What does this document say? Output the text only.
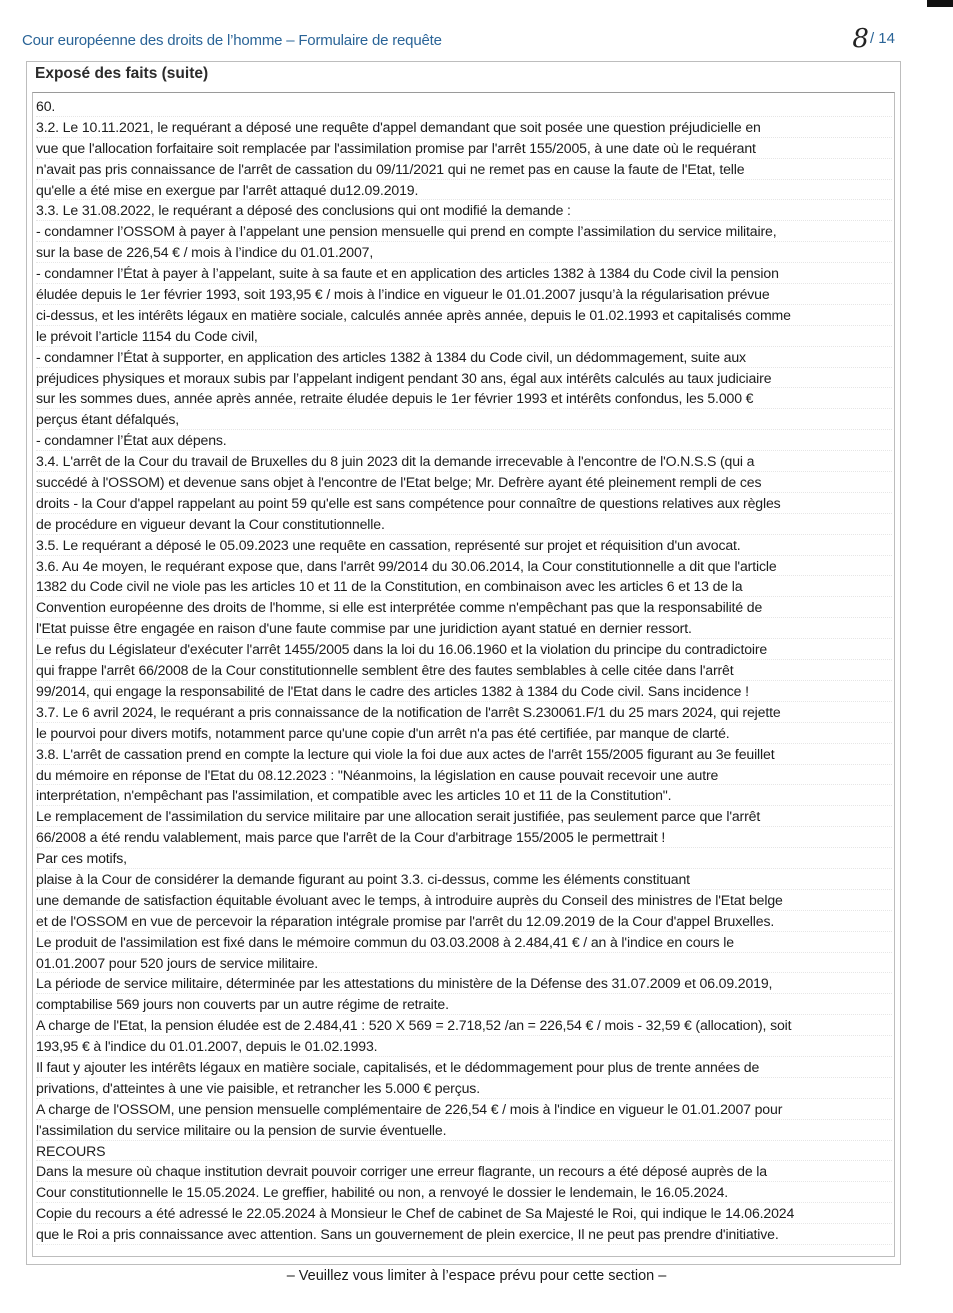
Cour européenne des droits de l’homme – Formulaire de requête	8 / 14
Exposé des faits (suite)
60.
3.2. Le 10.11.2021, le requérant a déposé une requête d'appel demandant que soit posée une question préjudicielle en
vue que l'allocation forfaitaire soit remplacée par l'assimilation promise par l'arrêt 155/2005, à une date où le requérant
n'avait pas pris connaissance de l'arrêt de cassation du 09/11/2021 qui ne remet pas en cause la faute de l'Etat, telle
qu'elle a été mise en exergue par l'arrêt attaqué du12.09.2019.
3.3. Le 31.08.2022, le requérant a déposé des conclusions qui ont modifié la demande :
- condamner l’OSSOM à payer à l’appelant une pension mensuelle qui prend en compte l’assimilation du service militaire,
sur la base de 226,54 € / mois à l’indice du 01.01.2007,
- condamner l’État à payer à l’appelant, suite à sa faute et en application des articles 1382 à 1384 du Code civil la pension
éludée depuis le 1er février 1993, soit 193,95 € / mois à l’indice en vigueur le 01.01.2007 jusqu’à la régularisation prévue
ci-dessus, et les intérêts légaux en matière sociale, calculés année après année, depuis le 01.02.1993 et capitalisés comme
le prévoit l’article 1154 du Code civil,
- condamner l’État à supporter, en application des articles 1382 à 1384 du Code civil, un dédommagement, suite aux
préjudices physiques et moraux subis par l’appelant indigent pendant 30 ans, égal aux intérêts calculés au taux judiciaire
sur les sommes dues, année après année, retraite éludée depuis le 1er février 1993 et intérêts confondus, les 5.000 €
perçus étant défalqués,
- condamner l’État aux dépens.
3.4. L'arrêt de la Cour du travail de Bruxelles du 8 juin 2023 dit la demande irrecevable à l'encontre de l'O.N.S.S (qui a
succédé à l'OSSOM) et devenue sans objet à l'encontre de l'Etat belge; Mr. Defrère ayant été pleinement rempli de ces
droits - la Cour d'appel rappelant au point 59 qu'elle est sans compétence pour connaître de questions relatives aux règles
de procédure en vigueur devant la Cour constitutionnelle.
3.5. Le requérant a déposé le 05.09.2023 une requête en cassation, représenté sur projet et réquisition d'un avocat.
3.6. Au 4e moyen, le requérant expose que, dans l'arrêt 99/2014 du 30.06.2014, la Cour constitutionnelle a dit que l'article
1382 du Code civil ne viole pas les articles 10 et 11 de la Constitution, en combinaison avec les articles 6 et 13 de la
Convention européenne des droits de l'homme, si elle est interprétée comme n'empêchant pas que la responsabilité de
l'Etat puisse être engagée en raison d'une faute commise par une juridiction ayant statué en dernier ressort.
Le refus du Législateur d'exécuter l'arrêt 1455/2005 dans la loi du 16.06.1960 et la violation du principe du contradictoire
qui frappe l'arrêt 66/2008 de la Cour constitutionnelle semblent être des fautes semblables à celle citée dans l'arrêt
99/2014, qui engage la responsabilité de l'Etat dans le cadre des articles 1382 à 1384 du Code civil. Sans incidence !
3.7. Le 6 avril 2024, le requérant a pris connaissance de la notification de l'arrêt S.230061.F/1 du 25 mars 2024, qui rejette
le pourvoi pour divers motifs, notamment parce qu'une copie d'un arrêt n'a pas été certifiée, par manque de clarté.
3.8. L'arrêt de cassation prend en compte la lecture qui viole la foi due aux actes de l'arrêt 155/2005 figurant au 3e feuillet
du mémoire en réponse de l'Etat du 08.12.2023 : "Néanmoins, la législation en cause pouvait recevoir une autre
interprétation, n'empêchant pas l'assimilation, et compatible avec les articles 10 et 11 de la Constitution".
Le remplacement de l'assimilation du service militaire par une allocation serait justifiée, pas seulement parce que l'arrêt
66/2008 a été rendu valablement, mais parce que l'arrêt de la Cour d'arbitrage 155/2005 le permettrait !
Par ces motifs,
plaise à la Cour de considérer la demande figurant au point 3.3. ci-dessus, comme les éléments constituant
une demande de satisfaction équitable évoluant avec le temps, à introduire auprès du Conseil des ministres de l'Etat belge
et de l'OSSOM en vue de percevoir la réparation intégrale promise par l'arrêt du 12.09.2019 de la Cour d'appel Bruxelles.
Le produit de l'assimilation est fixé dans le mémoire commun du 03.03.2008 à 2.484,41 € / an à l'indice en cours le
01.01.2007 pour 520 jours de service militaire.
La période de service militaire, déterminée par les attestations du ministère de la Défense des 31.07.2009 et 06.09.2019,
comptabilise 569 jours non couverts par un autre régime de retraite.
A charge de l'Etat, la pension éludée est de 2.484,41 : 520 X 569 = 2.718,52 /an = 226,54 € / mois - 32,59 € (allocation), soit
193,95 € à l'indice du 01.01.2007, depuis le 01.02.1993.
Il faut y ajouter les intérêts légaux en matière sociale, capitalisés, et le dédommagement pour plus de trente années de
privations, d'atteintes à une vie paisible, et retrancher les 5.000 € perçus.
A charge de l'OSSOM, une pension mensuelle complémentaire de 226,54 € / mois à l'indice en vigueur le 01.01.2007 pour
l'assimilation du service militaire ou la pension de survie éventuelle.
RECOURS
Dans la mesure où chaque institution devrait pouvoir corriger une erreur flagrante, un recours a été déposé auprès de la
Cour constitutionnelle le 15.05.2024. Le greffier, habilité ou non, a renvoyé le dossier le lendemain, le 16.05.2024.
Copie du recours a été adressé le 22.05.2024 à Monsieur le Chef de cabinet de Sa Majesté le Roi, qui indique le 14.06.2024
que le Roi a pris connaissance avec attention. Sans un gouvernement de plein exercice, Il ne peut pas prendre d'initiative.
– Veuillez vous limiter à l’espace prévu pour cette section –
